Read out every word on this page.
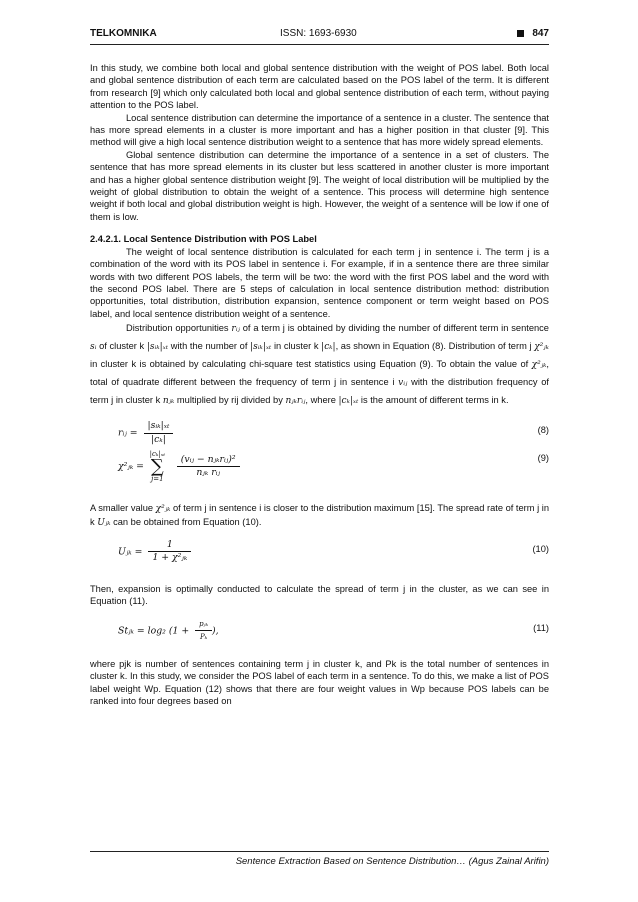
TELKOMNIKA	ISSN: 1693-6930	847

In this study, we combine both local and global sentence distribution with the weight of POS label. Both local and global sentence distribution of each term are calculated based on the POS label of the term. It is different from research [9] which only calculated both local and global sentence distribution of each term, without paying attention to the POS label.

Local sentence distribution can determine the importance of a sentence in a cluster. The sentence that has more spread elements in a cluster is more important and has a higher position in that cluster [9]. This method will give a high local sentence distribution weight to a sentence that has more widely spread elements.

Global sentence distribution can determine the importance of a sentence in a set of clusters. The sentence that has more spread elements in its cluster but less scattered in another cluster is more important and has a higher global sentence distribution weight [9]. The weight of local distribution will be multiplied by the weight of global distribution to obtain the weight of a sentence. This process will determine high sentence weight if both local and global distribution weight is high. However, the weight of a sentence will be low if one of them is low.

2.4.2.1. Local Sentence Distribution with POS Label

The weight of local sentence distribution is calculated for each term j in sentence i. The term j is a combination of the word with its POS label in sentence i. For example, if in a sentence there are three similar words with two different POS labels, the term will be two: the word with the first POS label and the word with the second POS label. There are 5 steps of calculation in local sentence distribution method: distribution opportunities, total distribution, distribution expansion, sentence component or term weight based on POS label, and local sentence distribution weight of a sentence.

Distribution opportunities rᵢⱼ of a term j is obtained by dividing the number of different term in sentence sᵢ of cluster k |sᵢₖ|ₓₜ with the number of |sᵢₖ|ₓₜ in cluster k |cₖ|, as shown in Equation (8). Distribution of term j χ²ⱼₖ in cluster k is obtained by calculating chi-square test statistics using Equation (9). To obtain the value of χ²ⱼₖ, total of quadrate different between the frequency of term j in sentence i vᵢⱼ with the distribution frequency of term j in cluster k nⱼₖ multiplied by rij divided by nⱼₖrᵢⱼ, where |cₖ|ₓₜ is the amount of different terms in k.

rᵢⱼ = $\frac{\text{|sᵢₖ|ₓₜ}}{\text{|cₖ|}}$	(8)
χ²ⱼₖ =
|cₖ|ₓₜ
∑
j=1
	$\frac{\text{(vᵢⱼ − nⱼₖrᵢⱼ)²}}{\text{nⱼₖ rᵢⱼ}}$	(9)

A smaller value χ²ⱼₖ of term j in sentence i is closer to the distribution maximum [15]. The spread rate of term j in k Uⱼₖ can be obtained from Equation (10).

Uⱼₖ = $\frac{1}{\text{1 + χ²ⱼₖ}}$	(10)

Then, expansion is optimally conducted to calculate the spread of term j in the cluster, as we can see in Equation (11).

Stⱼₖ = log₂ ($1 + \frac{\text{pⱼₖ}}{\text{Pₖ}}$ ),	(11)

where pjk is number of sentences containing term j in cluster k, and Pk is the total number of sentences in cluster k. In this study, we consider the POS label of each term in a sentence. To do this, we make a list of POS label weight Wp. Equation (12) shows that there are four weight values in Wp because POS labels can be ranked into four degrees based on

Sentence Extraction Based on Sentence Distribution… (Agus Zainal Arifin)
